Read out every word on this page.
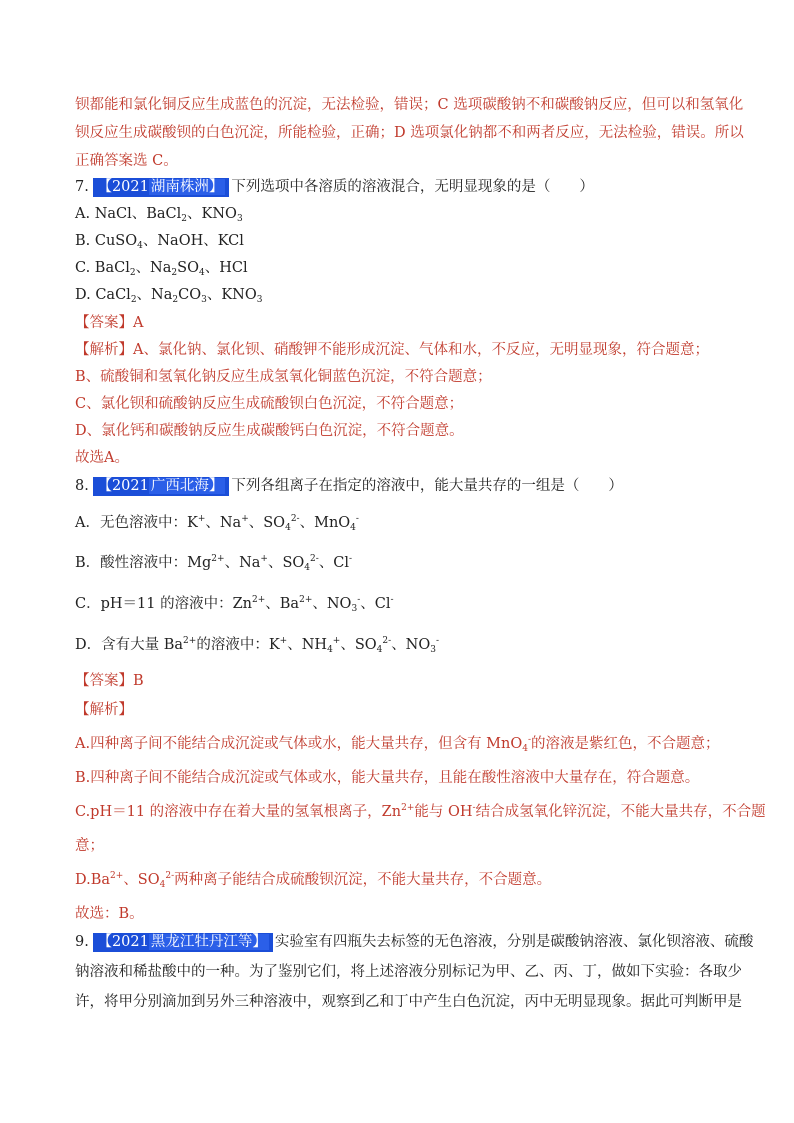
钡都能和氯化铜反应生成蓝色的沉淀，无法检验，错误；C 选项碳酸钠不和碳酸钠反应，但可以和氢氧化
钡反应生成碳酸钡的白色沉淀，所能检验，正确；D 选项氯化钠都不和两者反应，无法检验，错误。所以
正确答案选 C。
7. 【2021 湖南株洲】 下列选项中各溶质的溶液混合，无明显现象的是（　　）
A. NaCl、BaCl$_2$、$KNO_3$
B. CuSO$_4$、NaOH、KCl
C. BaCl$_2$、$Na_2SO_4$、HCl
D. CaCl$_2$、$Na_2CO_3$、$KNO_3$
【答案】A
【解析】A、氯化钠、氯化钡、硝酸钾不能形成沉淀、气体和水，不反应，无明显现象，符合题意；
B、硫酸铜和氢氧化钠反应生成氢氧化铜蓝色沉淀，不符合题意；
C、氯化钡和硫酸钠反应生成硫酸钡白色沉淀，不符合题意；
D、氯化钙和碳酸钠反应生成碳酸钙白色沉淀，不符合题意。
故选A。
8. 【2021 广西北海】 下列各组离子在指定的溶液中，能大量共存的一组是（　　）
A．无色溶液中：K+、Na+、$SO_4^{2-}$、MnO$_4$-
B．酸性溶液中：$Mg^{2+}$、Na+、$SO_4^{2-}$、Cl-
C．pH＝11 的溶液中：$Zn^{2+}$、$Ba^{2+}$、$NO_3^-$、Cl-
D．含有大量 $Ba^{2+}$的溶液中：K+、$NH_4^+$、$SO_4^{2-}$、$NO_3^-$
【答案】B
【解析】
A.四种离子间不能结合成沉淀或气体或水，能大量共存，但含有 MnO$_4$-的溶液是紫红色，不合题意；
B.四种离子间不能结合成沉淀或气体或水，能大量共存，且能在酸性溶液中大量存在，符合题意。
C.pH＝11 的溶液中存在着大量的氢氧根离子，$Zn^{2+}$能与 OH-结合成氢氧化锌沉淀，不能大量共存，不合题
意；
$D.Ba^{2+}$、$SO_4^{2-}$两种离子能结合成硫酸钡沉淀，不能大量共存，不合题意。
故选：B。
9. 【2021 黑龙江牡丹江等】 实验室有四瓶失去标签的无色溶液，分别是碳酸钠溶液、氯化钡溶液、硫酸
钠溶液和稀盐酸中的一种。为了鉴别它们，将上述溶液分别标记为甲、乙、丙、丁，做如下实验：各取少
许，将甲分别滴加到另外三种溶液中，观察到乙和丁中产生白色沉淀，丙中无明显现象。据此可判断甲是
